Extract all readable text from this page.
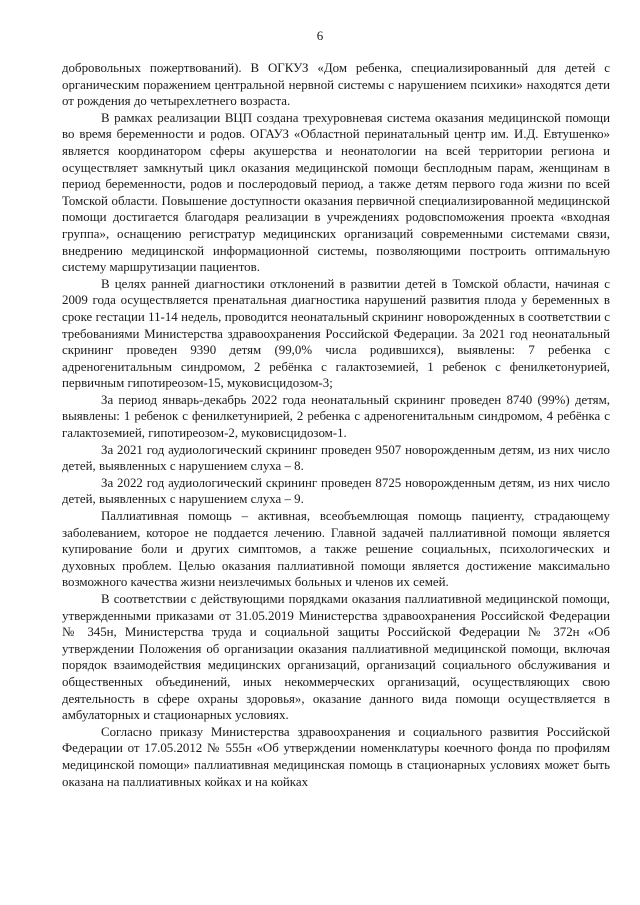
6

добровольных пожертвований). В ОГКУЗ «Дом ребенка, специализированный для детей с органическим поражением центральной нервной системы с нарушением психики» находятся дети от рождения до четырехлетнего возраста.

В рамках реализации ВЦП создана трехуровневая система оказания медицинской помощи во время беременности и родов. ОГАУЗ «Областной перинатальный центр им. И.Д. Евтушенко» является координатором сферы акушерства и неонатологии на всей территории региона и осуществляет замкнутый цикл оказания медицинской помощи бесплодным парам, женщинам в период беременности, родов и послеродовый период, а также детям первого года жизни по всей Томской области. Повышение доступности оказания первичной специализированной медицинской помощи достигается благодаря реализации в учреждениях родовспоможения проекта «входная группа», оснащению регистратур медицинских организаций современными системами связи, внедрению медицинской информационной системы, позволяющими построить оптимальную систему маршрутизации пациентов.

В целях ранней диагностики отклонений в развитии детей в Томской области, начиная с 2009 года осуществляется пренатальная диагностика нарушений развития плода у беременных в сроке гестации 11-14 недель, проводится неонатальный скрининг новорожденных в соответствии с требованиями Министерства здравоохранения Российской Федерации. За 2021 год неонатальный скрининг проведен 9390 детям (99,0% числа родившихся), выявлены: 7 ребенка с адреногенитальным синдромом, 2 ребёнка с галактоземией, 1 ребенок с фенилкетонурией, первичным гипотиреозом-15, муковисцидозом-3;

За период январь-декабрь 2022 года неонатальный скрининг проведен 8740 (99%) детям, выявлены: 1 ребенок с фенилкетунирией, 2 ребенка с адреногенитальным синдромом, 4 ребёнка с галактоземией, гипотиреозом-2, муковисцидозом-1.

За 2021 год аудиологический скрининг проведен 9507 новорожденным детям, из них число детей, выявленных с нарушением слуха – 8.

За 2022 год аудиологический скрининг проведен 8725 новорожденным детям, из них число детей, выявленных с нарушением слуха – 9.

Паллиативная помощь – активная, всеобъемлющая помощь пациенту, страдающему заболеванием, которое не поддается лечению. Главной задачей паллиативной помощи является купирование боли и других симптомов, а также решение социальных, психологических и духовных проблем. Целью оказания паллиативной помощи является достижение максимально возможного качества жизни неизлечимых больных и членов их семей.

В соответствии с действующими порядками оказания паллиативной медицинской помощи, утвержденными приказами от 31.05.2019 Министерства здравоохранения Российской Федерации № 345н, Министерства труда и социальной защиты Российской Федерации № 372н «Об утверждении Положения об организации оказания паллиативной медицинской помощи, включая порядок взаимодействия медицинских организаций, организаций социального обслуживания и общественных объединений, иных некоммерческих организаций, осуществляющих свою деятельность в сфере охраны здоровья», оказание данного вида помощи осуществляется в амбулаторных и стационарных условиях.

Согласно приказу Министерства здравоохранения и социального развития Российской Федерации от 17.05.2012 № 555н «Об утверждении номенклатуры коечного фонда по профилям медицинской помощи» паллиативная медицинская помощь в стационарных условиях может быть оказана на паллиативных койках и на койках
